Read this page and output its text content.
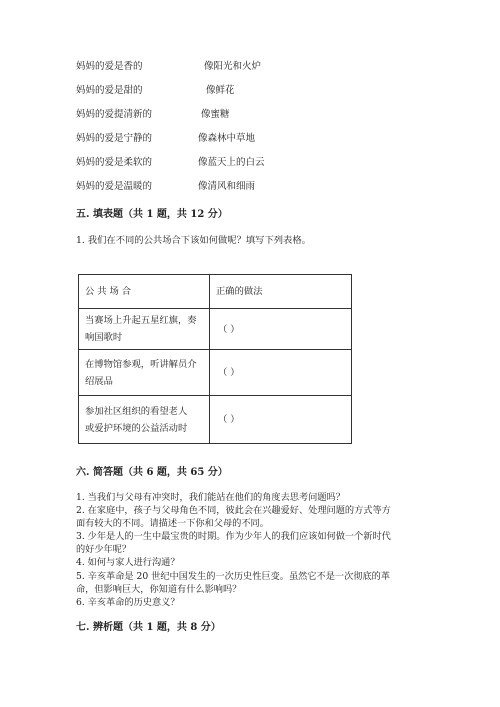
妈妈的爱是香的	像阳光和火炉
妈妈的爱是甜的	像鲜花
妈妈的爱提清新的	像蜜糖
妈妈的爱是宁静的	像森林中草地
妈妈的爱是柔软的	像蓝天上的白云
妈妈的爱是温暖的	像清风和细雨
五. 填表题（共 1 题，共 12 分）
1. 我们在不同的公共场合下该如何做呢？填写下列表格。
公 共 场 合	正确的做法

当赛场上升起五星红旗，奏
响国歌时	（ ）

在博物馆参观，听讲解员介
绍展品	（ ）

参加社区组织的看望老人
或爱护环境的公益活动时	（ ）
六. 简答题（共 6 题，共 65 分）
1. 当我们与父母有冲突时，我们能站在他们的角度去思考问题吗？
2. 在家庭中，孩子与父母角色不同，彼此会在兴趣爱好、处理问题的方式等方
面有较大的不同。请描述一下你和父母的不同。
3. 少年是人的一生中最宝贵的时期。作为少年人的我们应该如何做一个新时代
的好少年呢？
4. 如何与家人进行沟通？
5. 辛亥革命是 20 世纪中国发生的一次历史性巨变。虽然它不是一次彻底的革
命，但影响巨大，你知道有什么影响吗？
6. 辛亥革命的历史意义？
七. 辨析题（共 1 题，共 8 分）
